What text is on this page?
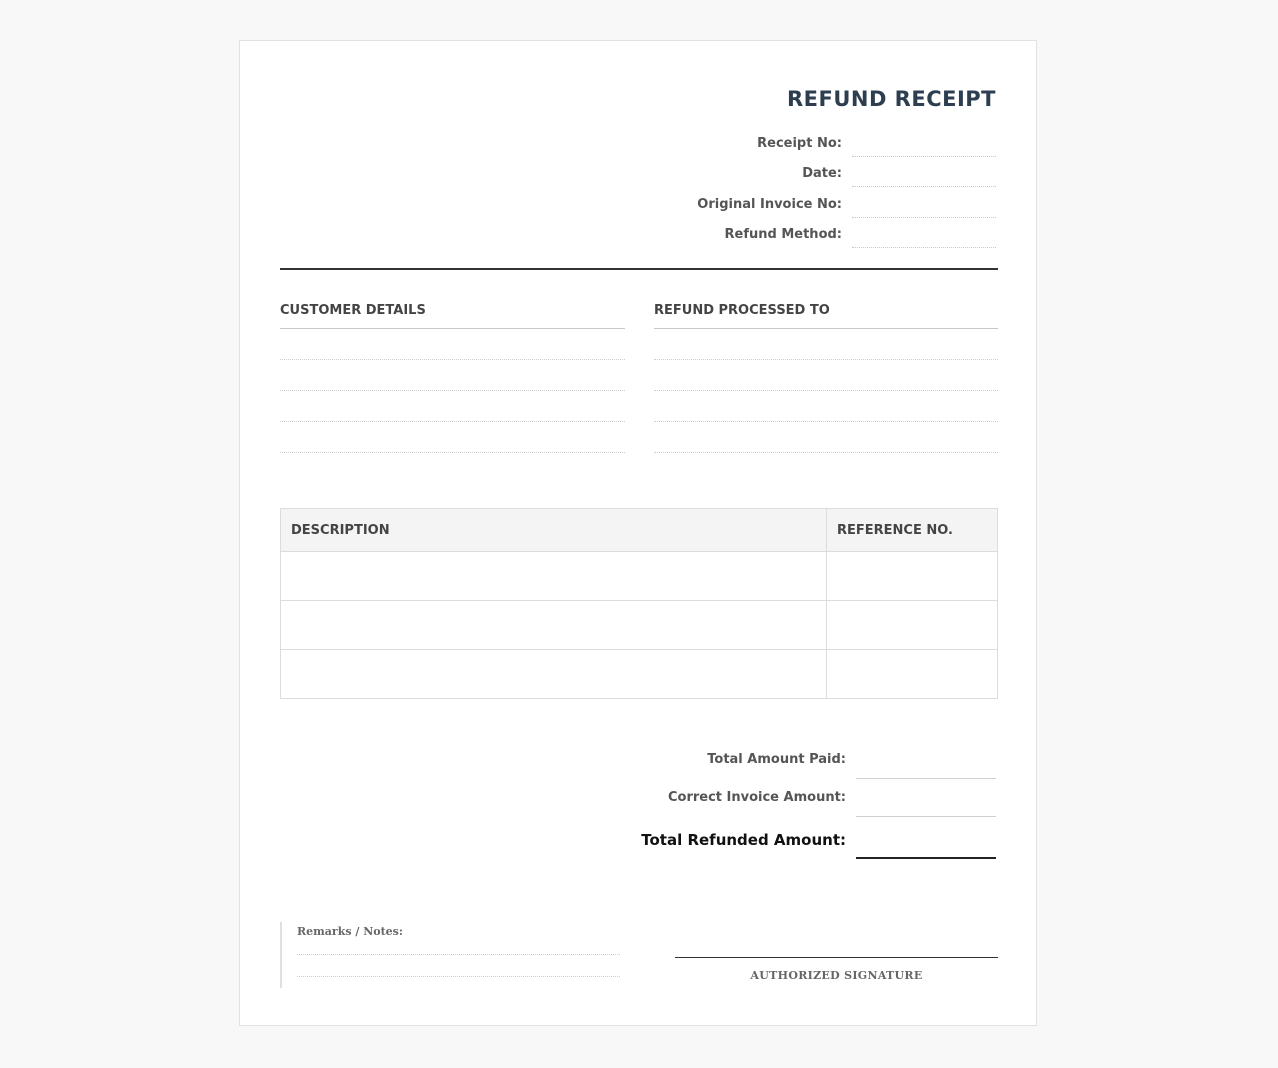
REFUND RECEIPT
Receipt No:
Date:
Original Invoice No:
Refund Method:
CUSTOMER DETAILS	REFUND PROCESSED TO
DESCRIPTION	REFERENCE NO.

Total Amount Paid:
Correct Invoice Amount:
Total Refunded Amount:
Remarks / Notes:
AUTHORIZED SIGNATURE
